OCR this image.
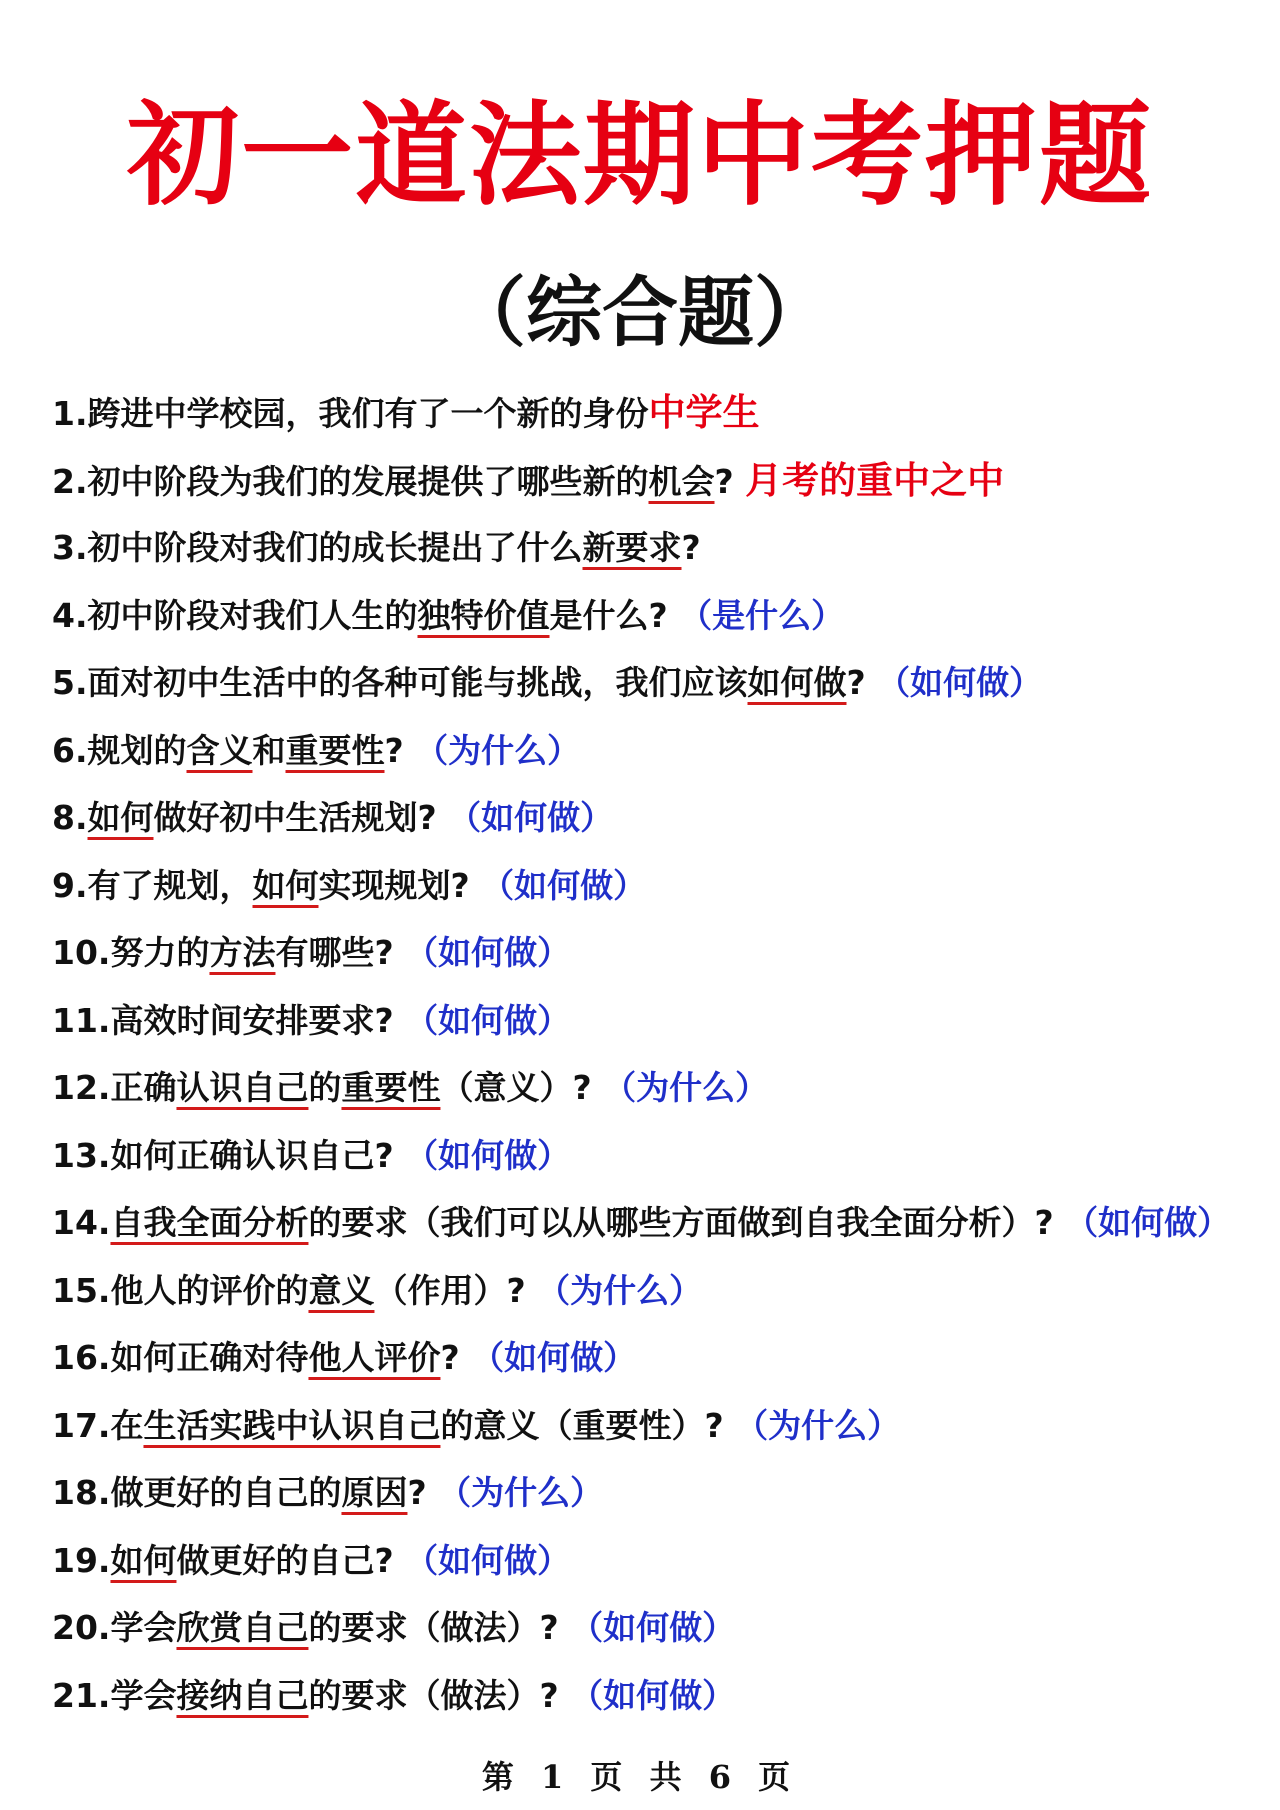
初一道法期中考押题
（综合题）
1.跨进中学校园，我们有了一个新的身份中学生
2.初中阶段为我们的发展提供了哪些新的机会? 月考的重中之中
3.初中阶段对我们的成长提出了什么新要求?
4.初中阶段对我们人生的独特价值是什么? （是什么）
5.面对初中生活中的各种可能与挑战，我们应该如何做? （如何做）
6.规划的含义和重要性? （为什么）
8.如何做好初中生活规划? （如何做）
9.有了规划，如何实现规划? （如何做）
10.努力的方法有哪些? （如何做）
11.高效时间安排要求? （如何做）
12.正确认识自己的重要性（意义）? （为什么）
13.如何正确认识自己? （如何做）
14.自我全面分析的要求（我们可以从哪些方面做到自我全面分析）? （如何做）
15.他人的评价的意义（作用）? （为什么）
16.如何正确对待他人评价? （如何做）
17.在生活实践中认识自己的意义（重要性）? （为什么）
18.做更好的自己的原因? （为什么）
19.如何做更好的自己? （如何做）
20.学会欣赏自己的要求（做法）? （如何做）
21.学会接纳自己的要求（做法）? （如何做）
第 1 页 共 6 页
